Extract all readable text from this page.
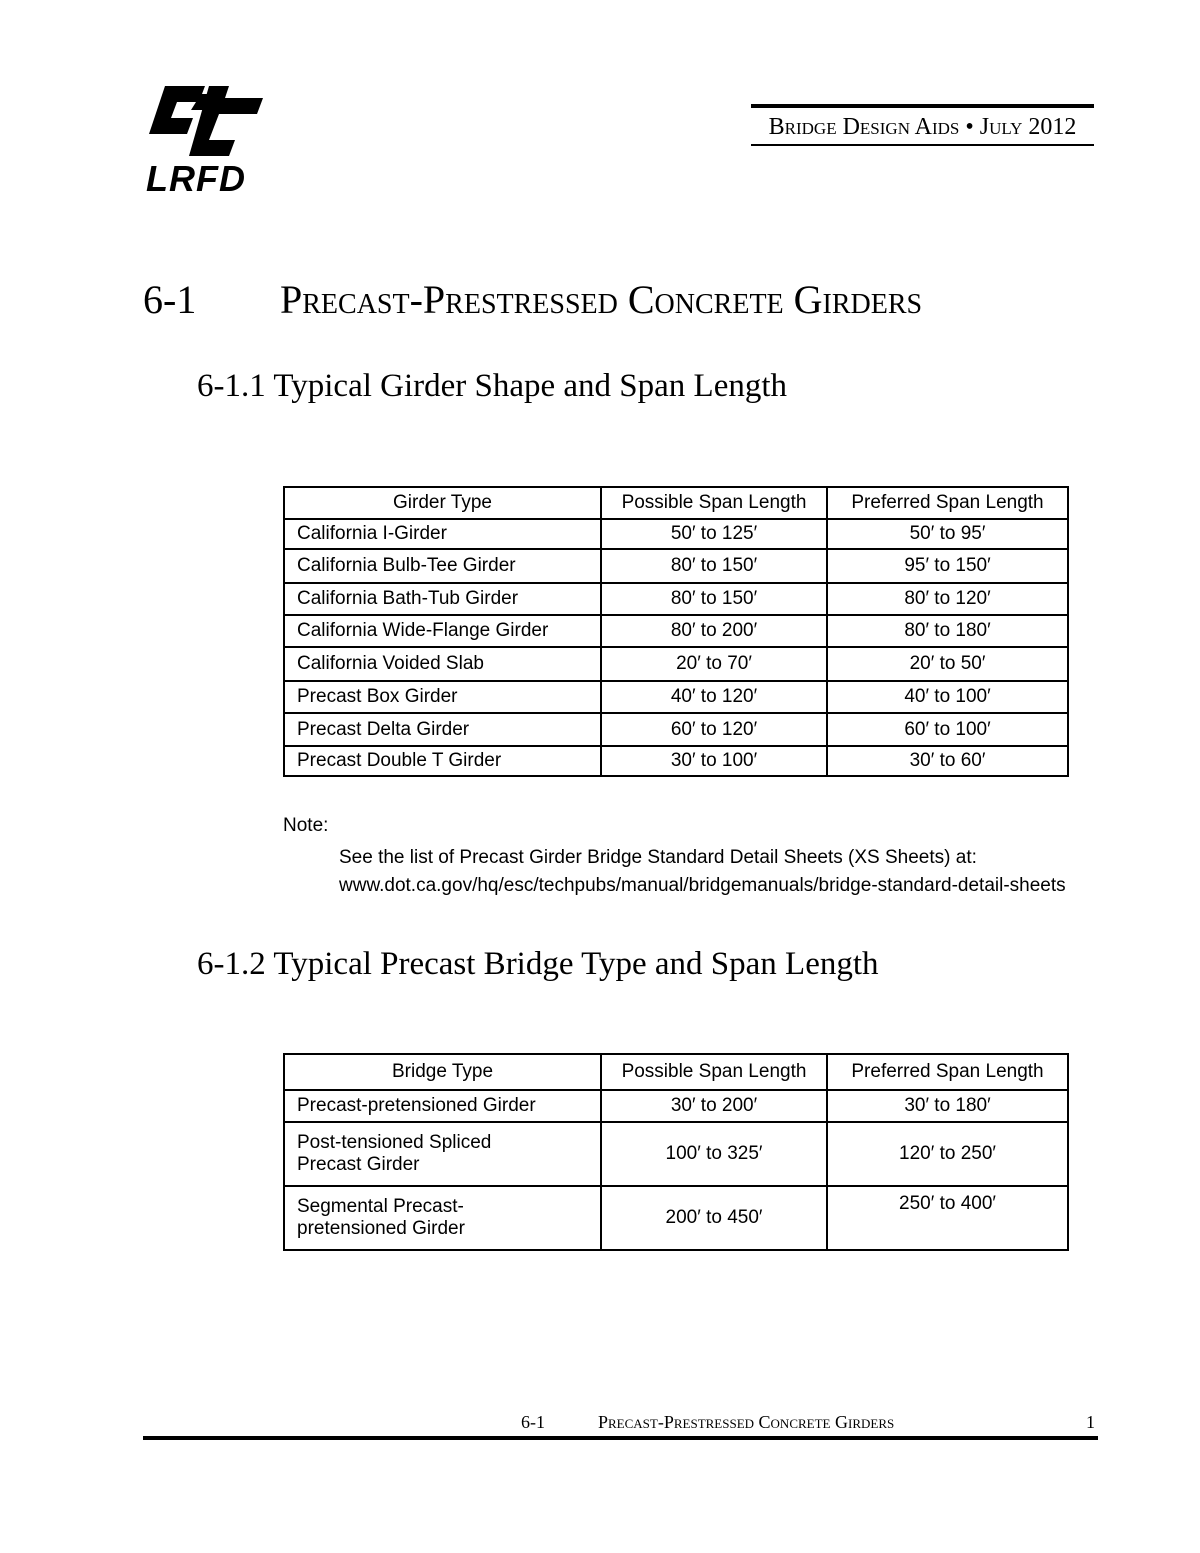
LRFD
Bridge Design Aids • July 2012
6-1 Precast-Prestressed Concrete Girders
6-1.1 Typical Girder Shape and Span Length
Girder Type	Possible Span Length	Preferred Span Length
California I-Girder	50′ to 125′	50′ to 95′
California Bulb-Tee Girder	80′ to 150′	95′ to 150′
California Bath-Tub Girder	80′ to 150′	80′ to 120′
California Wide-Flange Girder	80′ to 200′	80′ to 180′
California Voided Slab	20′ to 70′	20′ to 50′
Precast Box Girder	40′ to 120′	40′ to 100′
Precast Delta Girder	60′ to 120′	60′ to 100′
Precast Double T Girder	30′ to 100′	30′ to 60′
Note:
See the list of Precast Girder Bridge Standard Detail Sheets (XS Sheets) at:
www.dot.ca.gov/hq/esc/techpubs/manual/bridgemanuals/bridge-standard-detail-sheets
6-1.2 Typical Precast Bridge Type and Span Length
Bridge Type	Possible Span Length	Preferred Span Length
Precast-pretensioned Girder	30′ to 200′	30′ to 180′

Post-tensioned Spliced
Precast Girder	100′ to 325′	120′ to 250′

Segmental Precast-
pretensioned Girder	200′ to 450′	250′ to 400′
6-1	Precast-Prestressed Concrete Girders	1
